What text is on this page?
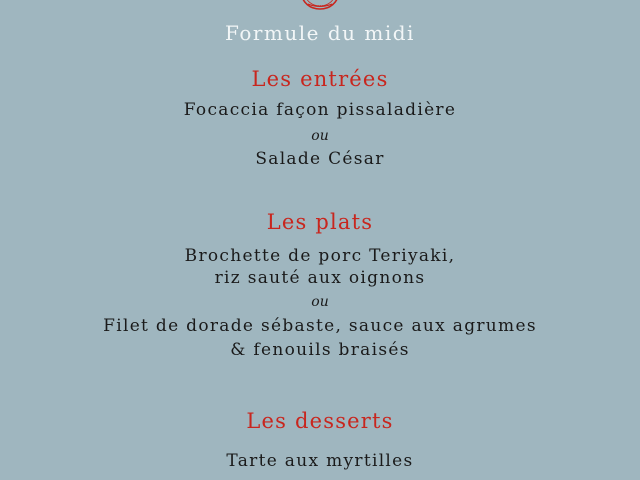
Formule du midi
Les entrées
Focaccia façon pissaladière
ou
Salade César
Les plats
Brochette de porc Teriyaki,
riz sauté aux oignons
ou
Filet de dorade sébaste, sauce aux agrumes
& fenouils braisés
Les desserts
Tarte aux myrtilles
